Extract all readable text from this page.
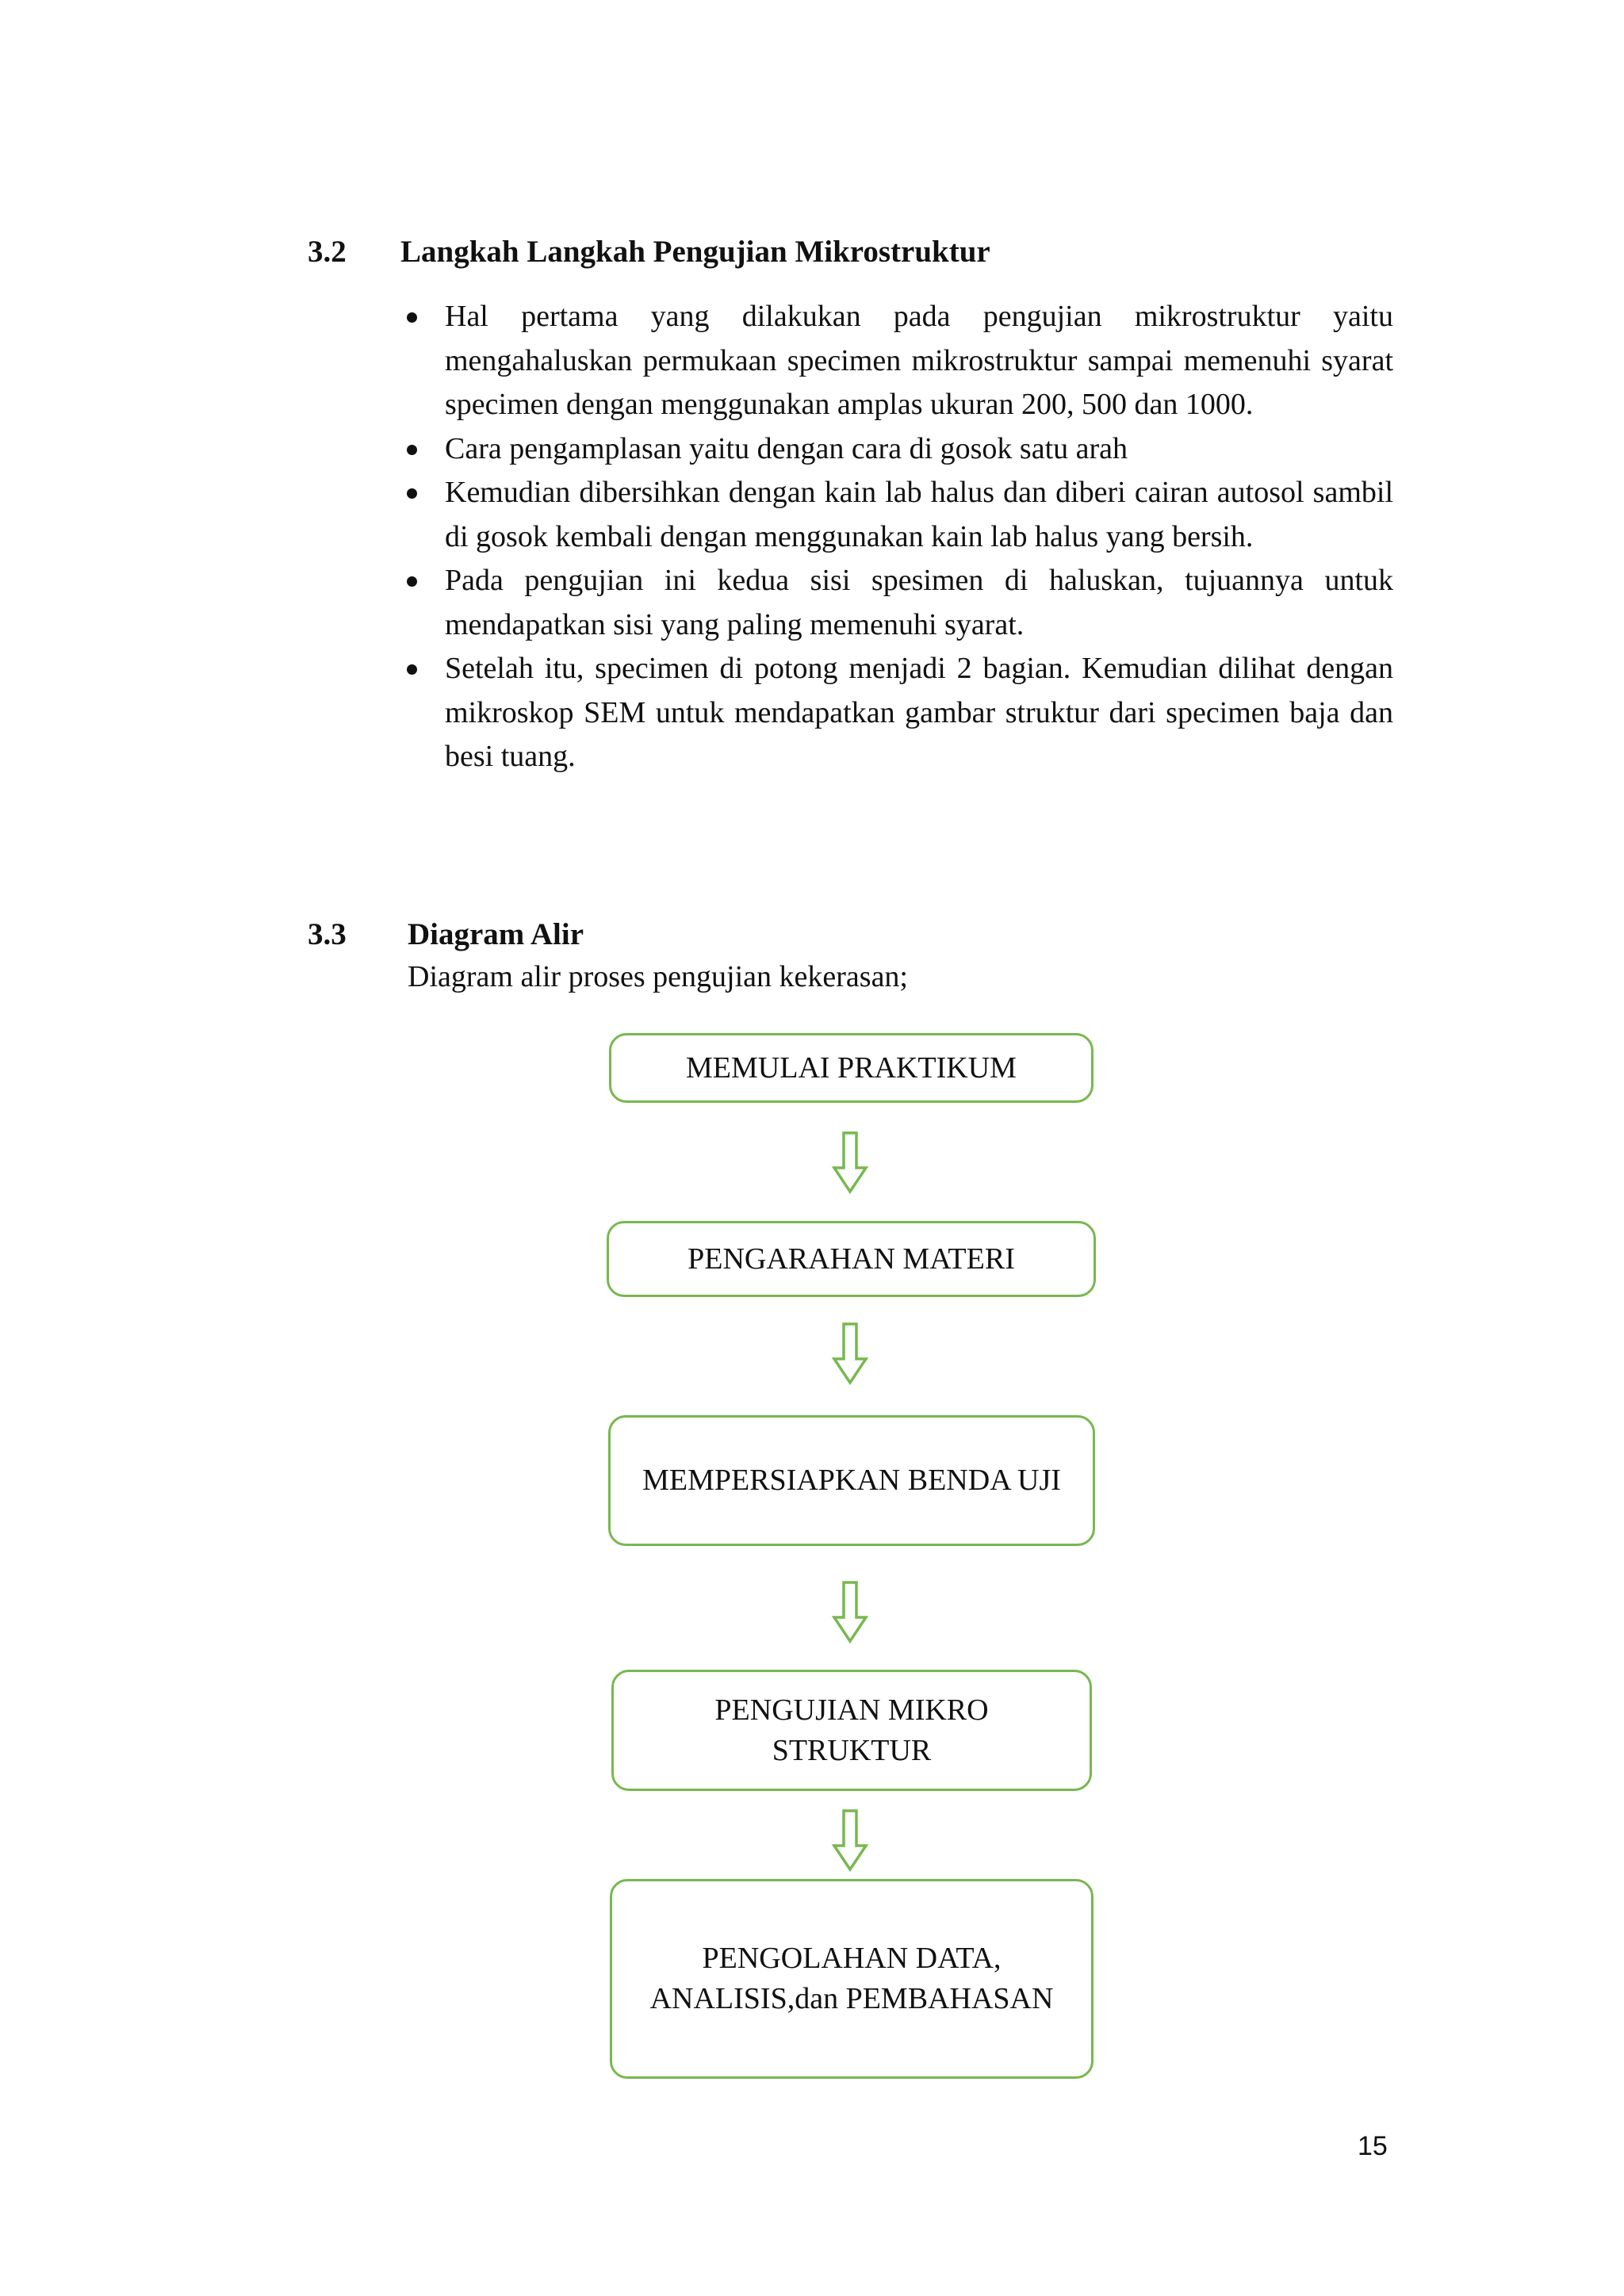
3.2 Langkah Langkah Pengujian Mikrostruktur
Hal pertama yang dilakukan pada pengujian mikrostruktur yaitu mengahaluskan permukaan specimen mikrostruktur sampai memenuhi syarat specimen dengan menggunakan amplas ukuran 200, 500 dan 1000.
Cara pengamplasan yaitu dengan cara di gosok satu arah
Kemudian dibersihkan dengan kain lab halus dan diberi cairan autosol sambil di gosok kembali dengan menggunakan kain lab halus yang bersih.
Pada pengujian ini kedua sisi spesimen di haluskan, tujuannya untuk mendapatkan sisi yang paling memenuhi syarat.
Setelah itu, specimen di potong menjadi 2 bagian. Kemudian dilihat dengan mikroskop SEM untuk mendapatkan gambar struktur dari specimen baja dan besi tuang.
3.3 Diagram Alir
Diagram alir proses pengujian kekerasan;
MEMULAI PRAKTIKUM
PENGARAHAN MATERI
MEMPERSIAPKAN BENDA UJI
PENGUJIAN MIKRO STRUKTUR
PENGOLAHAN DATA, ANALISIS,dan PEMBAHASAN
15
